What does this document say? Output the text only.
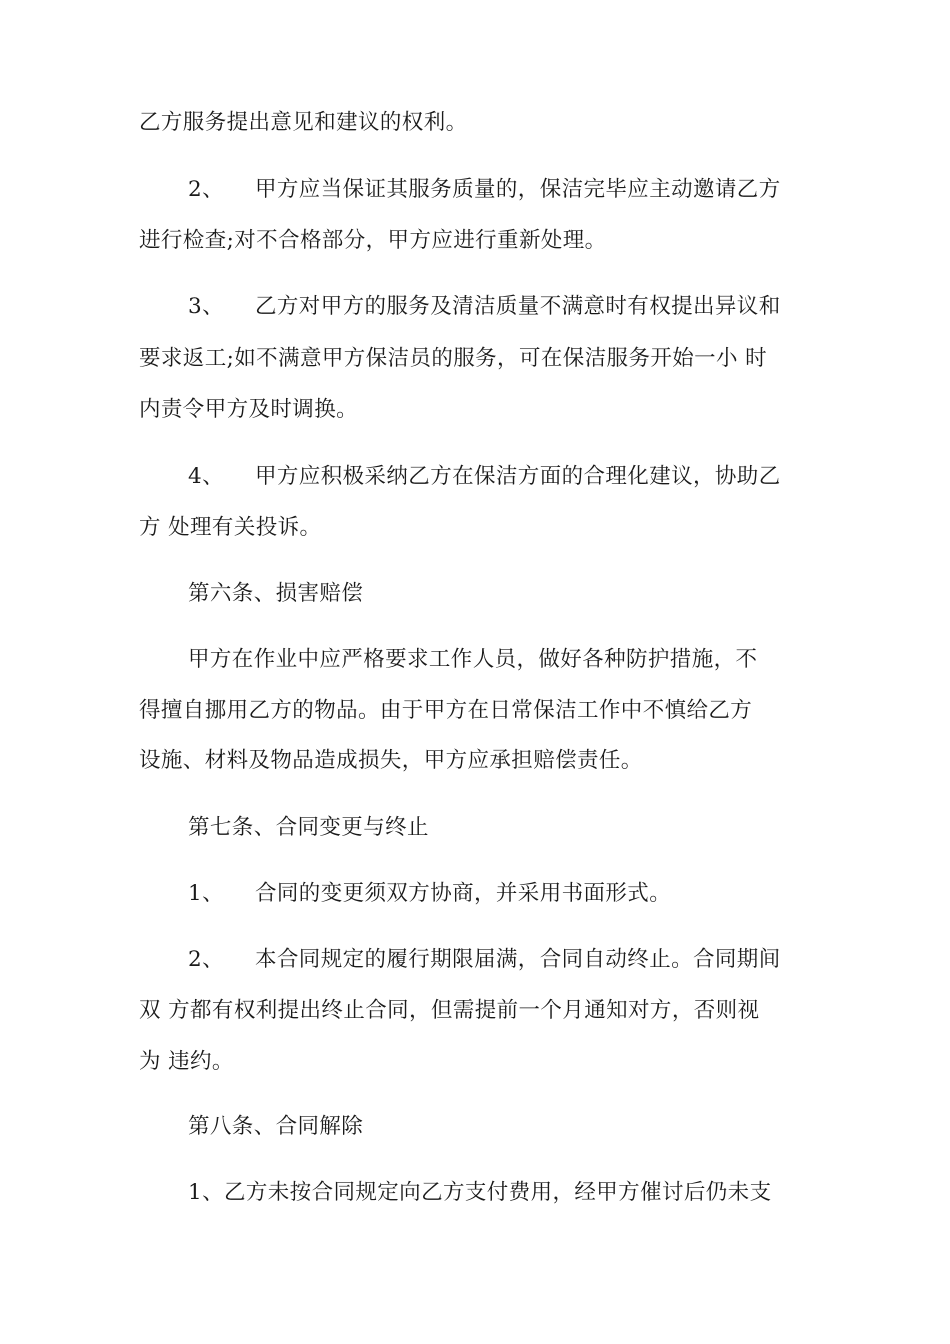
乙方服务提出意见和建议的权利。
2、 甲方应当保证其服务质量的，保洁完毕应主动邀请乙方
进行检查;对不合格部分，甲方应进行重新处理。
3、 乙方对甲方的服务及清洁质量不满意时有权提出异议和
要求返工;如不满意甲方保洁员的服务，可在保洁服务开始一小 时
内责令甲方及时调换。
4、 甲方应积极采纳乙方在保洁方面的合理化建议，协助乙
方 处理有关投诉。
第六条、损害赔偿
甲方在作业中应严格要求工作人员，做好各种防护措施，不
得擅自挪用乙方的物品。由于甲方在日常保洁工作中不慎给乙方
设施、材料及物品造成损失，甲方应承担赔偿责任。
第七条、合同变更与终止
1、 合同的变更须双方协商，并采用书面形式。
2、 本合同规定的履行期限届满，合同自动终止。合同期间
双 方都有权利提出终止合同，但需提前一个月通知对方，否则视
为 违约。
第八条、合同解除
1、乙方未按合同规定向乙方支付费用，经甲方催讨后仍未支
